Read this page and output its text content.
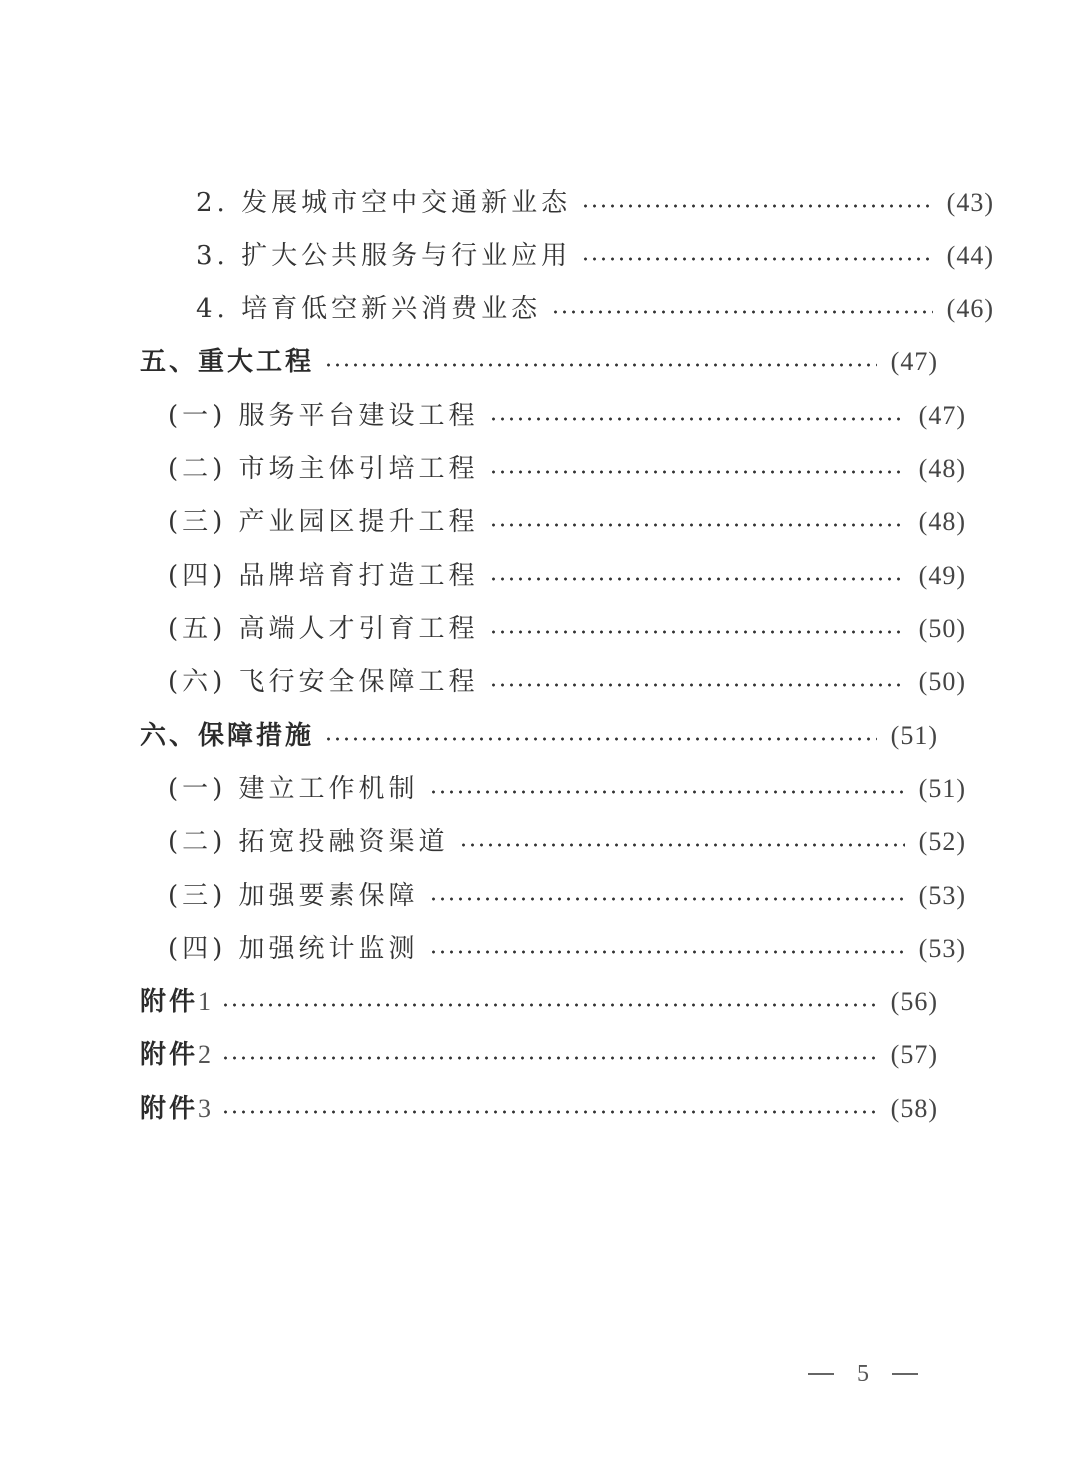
2. 发展城市空中交通新业态	(43)
3. 扩大公共服务与行业应用	(44)
4. 培育低空新兴消费业态	(46)
五、重大工程	(47)
(一) 服务平台建设工程	(47)
(二) 市场主体引培工程	(48)
(三) 产业园区提升工程	(48)
(四) 品牌培育打造工程	(49)
(五) 高端人才引育工程	(50)
(六) 飞行安全保障工程	(50)
六、保障措施	(51)
(一) 建立工作机制	(51)
(二) 拓宽投融资渠道	(52)
(三) 加强要素保障	(53)
(四) 加强统计监测	(53)
附件1	(56)
附件2	(57)
附件3	(58)
5
